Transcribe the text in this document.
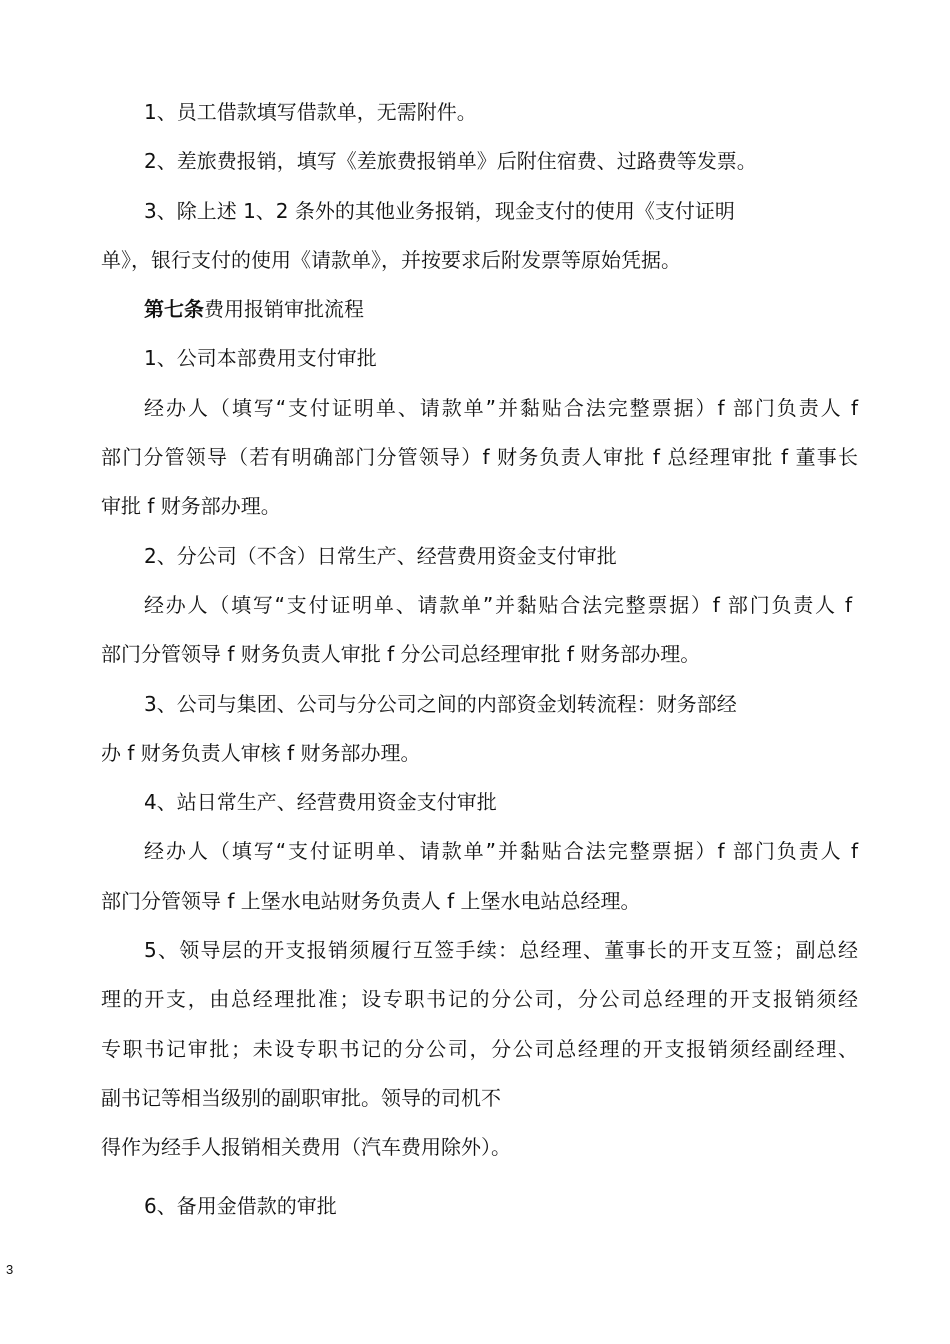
1、员工借款填写借款单，无需附件。

2、差旅费报销，填写《差旅费报销单》后附住宿费、过路费等发票。

3、除上述 1、2 条外的其他业务报销，现金支付的使用《支付证明

单》，银行支付的使用《请款单》，并按要求后附发票等原始凭据。

第七条费用报销审批流程

1、公司本部费用支付审批

经办人（填写“支付证明单、请款单”并黏贴合法完整票据）f 部门负责人 f

部门分管领导（若有明确部门分管领导）f 财务负责人审批 f 总经理审批 f 董事长

审批 f 财务部办理。

2、分公司（不含）日常生产、经营费用资金支付审批

经办人（填写“支付证明单、请款单”并黏贴合法完整票据）f 部门负责人 f

部门分管领导 f 财务负责人审批 f 分公司总经理审批 f 财务部办理。

3、公司与集团、公司与分公司之间的内部资金划转流程：财务部经

办 f 财务负责人审核 f 财务部办理。

4、站日常生产、经营费用资金支付审批

经办人（填写“支付证明单、请款单”并黏贴合法完整票据）f 部门负责人 f

部门分管领导 f 上堡水电站财务负责人 f 上堡水电站总经理。

5、领导层的开支报销须履行互签手续：总经理、董事长的开支互签；副总经

理的开支，由总经理批准；设专职书记的分公司，分公司总经理的开支报销须经

专职书记审批；未设专职书记的分公司，分公司总经理的开支报销须经副经理、

副书记等相当级别的副职审批。领导的司机不

得作为经手人报销相关费用（汽车费用除外）。

6、备用金借款的审批

3
